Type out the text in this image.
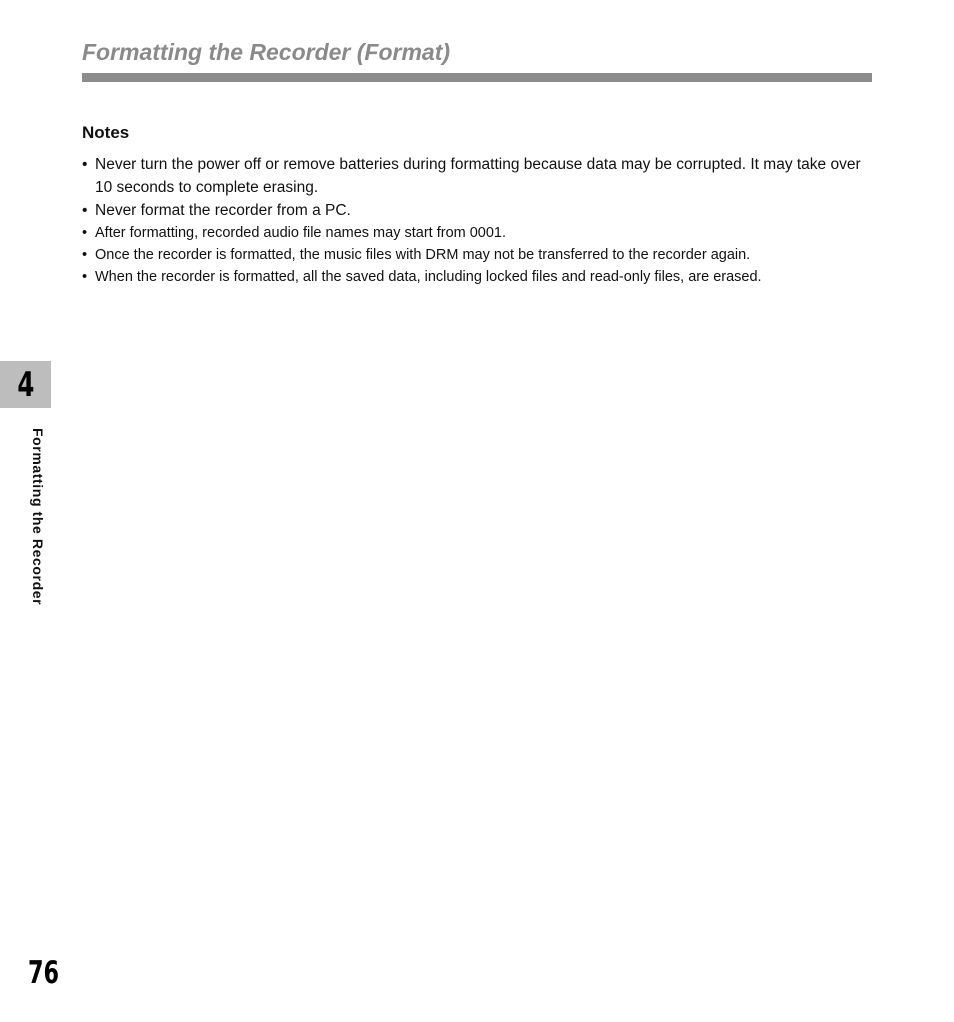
Formatting the Recorder (Format)
Notes
• Never turn the power off or remove batteries during formatting because data may be corrupted. It may take over 10 seconds to complete erasing.
• Never format the recorder from a PC.
• After formatting, recorded audio file names may start from 0001.
• Once the recorder is formatted, the music files with DRM may not be transferred to the recorder again.
• When the recorder is formatted, all the saved data, including locked files and read-only files, are erased.
4
Formatting the Recorder
76
